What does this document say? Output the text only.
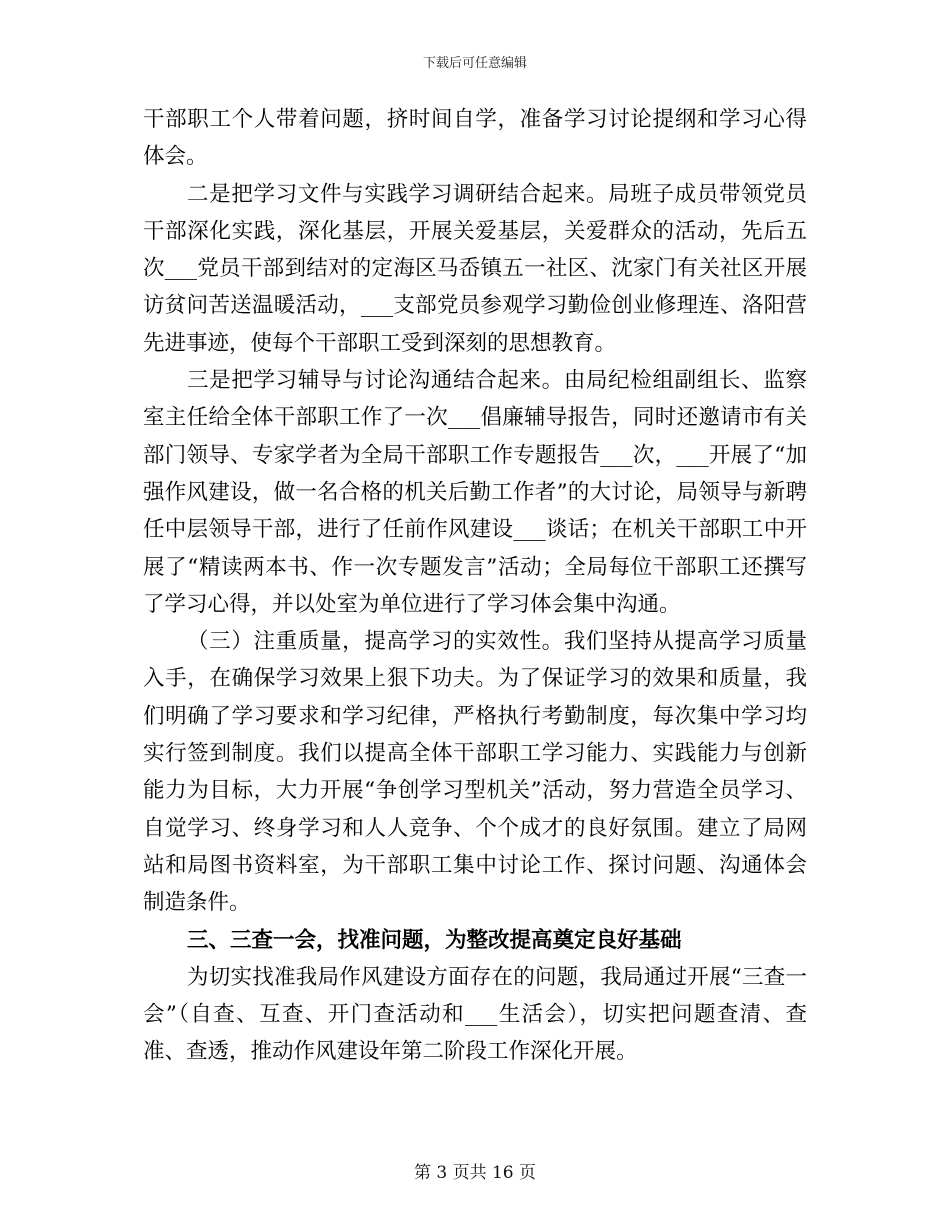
下载后可任意编辑

干部职工个人带着问题，挤时间自学，准备学习讨论提纲和学习心得体会。

二是把学习文件与实践学习调研结合起来。局班子成员带领党员干部深化实践，深化基层，开展关爱基层，关爱群众的活动，先后五次___党员干部到结对的定海区马岙镇五一社区、沈家门有关社区开展访贫问苦送温暖活动，___支部党员参观学习勤俭创业修理连、洛阳营先进事迹，使每个干部职工受到深刻的思想教育。

三是把学习辅导与讨论沟通结合起来。由局纪检组副组长、监察室主任给全体干部职工作了一次___倡廉辅导报告，同时还邀请市有关部门领导、专家学者为全局干部职工作专题报告___次，___开展了“加强作风建设，做一名合格的机关后勤工作者”的大讨论，局领导与新聘任中层领导干部，进行了任前作风建设___谈话；在机关干部职工中开展了“精读两本书、作一次专题发言”活动；全局每位干部职工还撰写了学习心得，并以处室为单位进行了学习体会集中沟通。

（三）注重质量，提高学习的实效性。我们坚持从提高学习质量入手，在确保学习效果上狠下功夫。为了保证学习的效果和质量，我们明确了学习要求和学习纪律，严格执行考勤制度，每次集中学习均实行签到制度。我们以提高全体干部职工学习能力、实践能力与创新能力为目标，大力开展“争创学习型机关”活动，努力营造全员学习、自觉学习、终身学习和人人竞争、个个成才的良好氛围。建立了局网站和局图书资料室，为干部职工集中讨论工作、探讨问题、沟通体会制造条件。

三、三查一会，找准问题，为整改提高奠定良好基础

为切实找准我局作风建设方面存在的问题，我局通过开展“三查一会”（自查、互查、开门查活动和___生活会），切实把问题查清、查准、查透，推动作风建设年第二阶段工作深化开展。

第 3 页共 16 页
